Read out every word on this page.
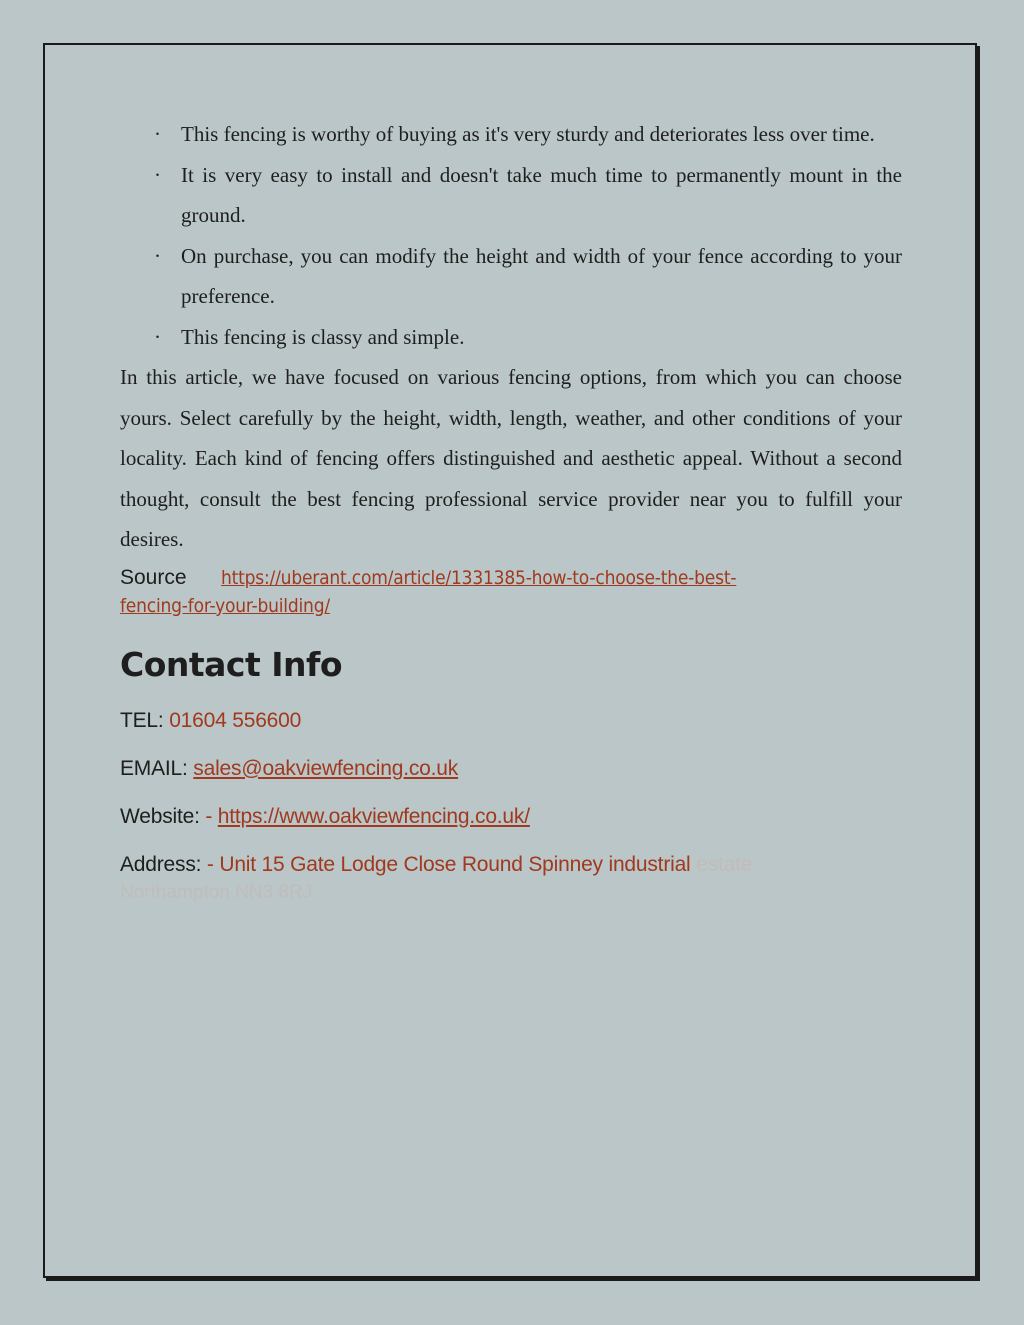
· This fencing is worthy of buying as it's very sturdy and deteriorates less over time.
· It is very easy to install and doesn't take much time to permanently mount in the ground.
· On purchase, you can modify the height and width of your fence according to your preference.
· This fencing is classy and simple.

In this article, we have focused on various fencing options, from which you can choose yours. Select carefully by the height, width, length, weather, and other conditions of your locality. Each kind of fencing offers distinguished and aesthetic appeal. Without a second thought, consult the best fencing professional service provider near you to fulfill your desires.

Source https://uberant.com/article/1331385-how-to-choose-the-best-
fencing-for-your-building/
Contact Info
TEL: 01604 556600
EMAIL: sales@oakviewfencing.co.uk
Website: - https://www.oakviewfencing.co.uk/
Address: - Unit 15 Gate Lodge Close Round Spinney industrial estate
Northampton NN3 8RJ
